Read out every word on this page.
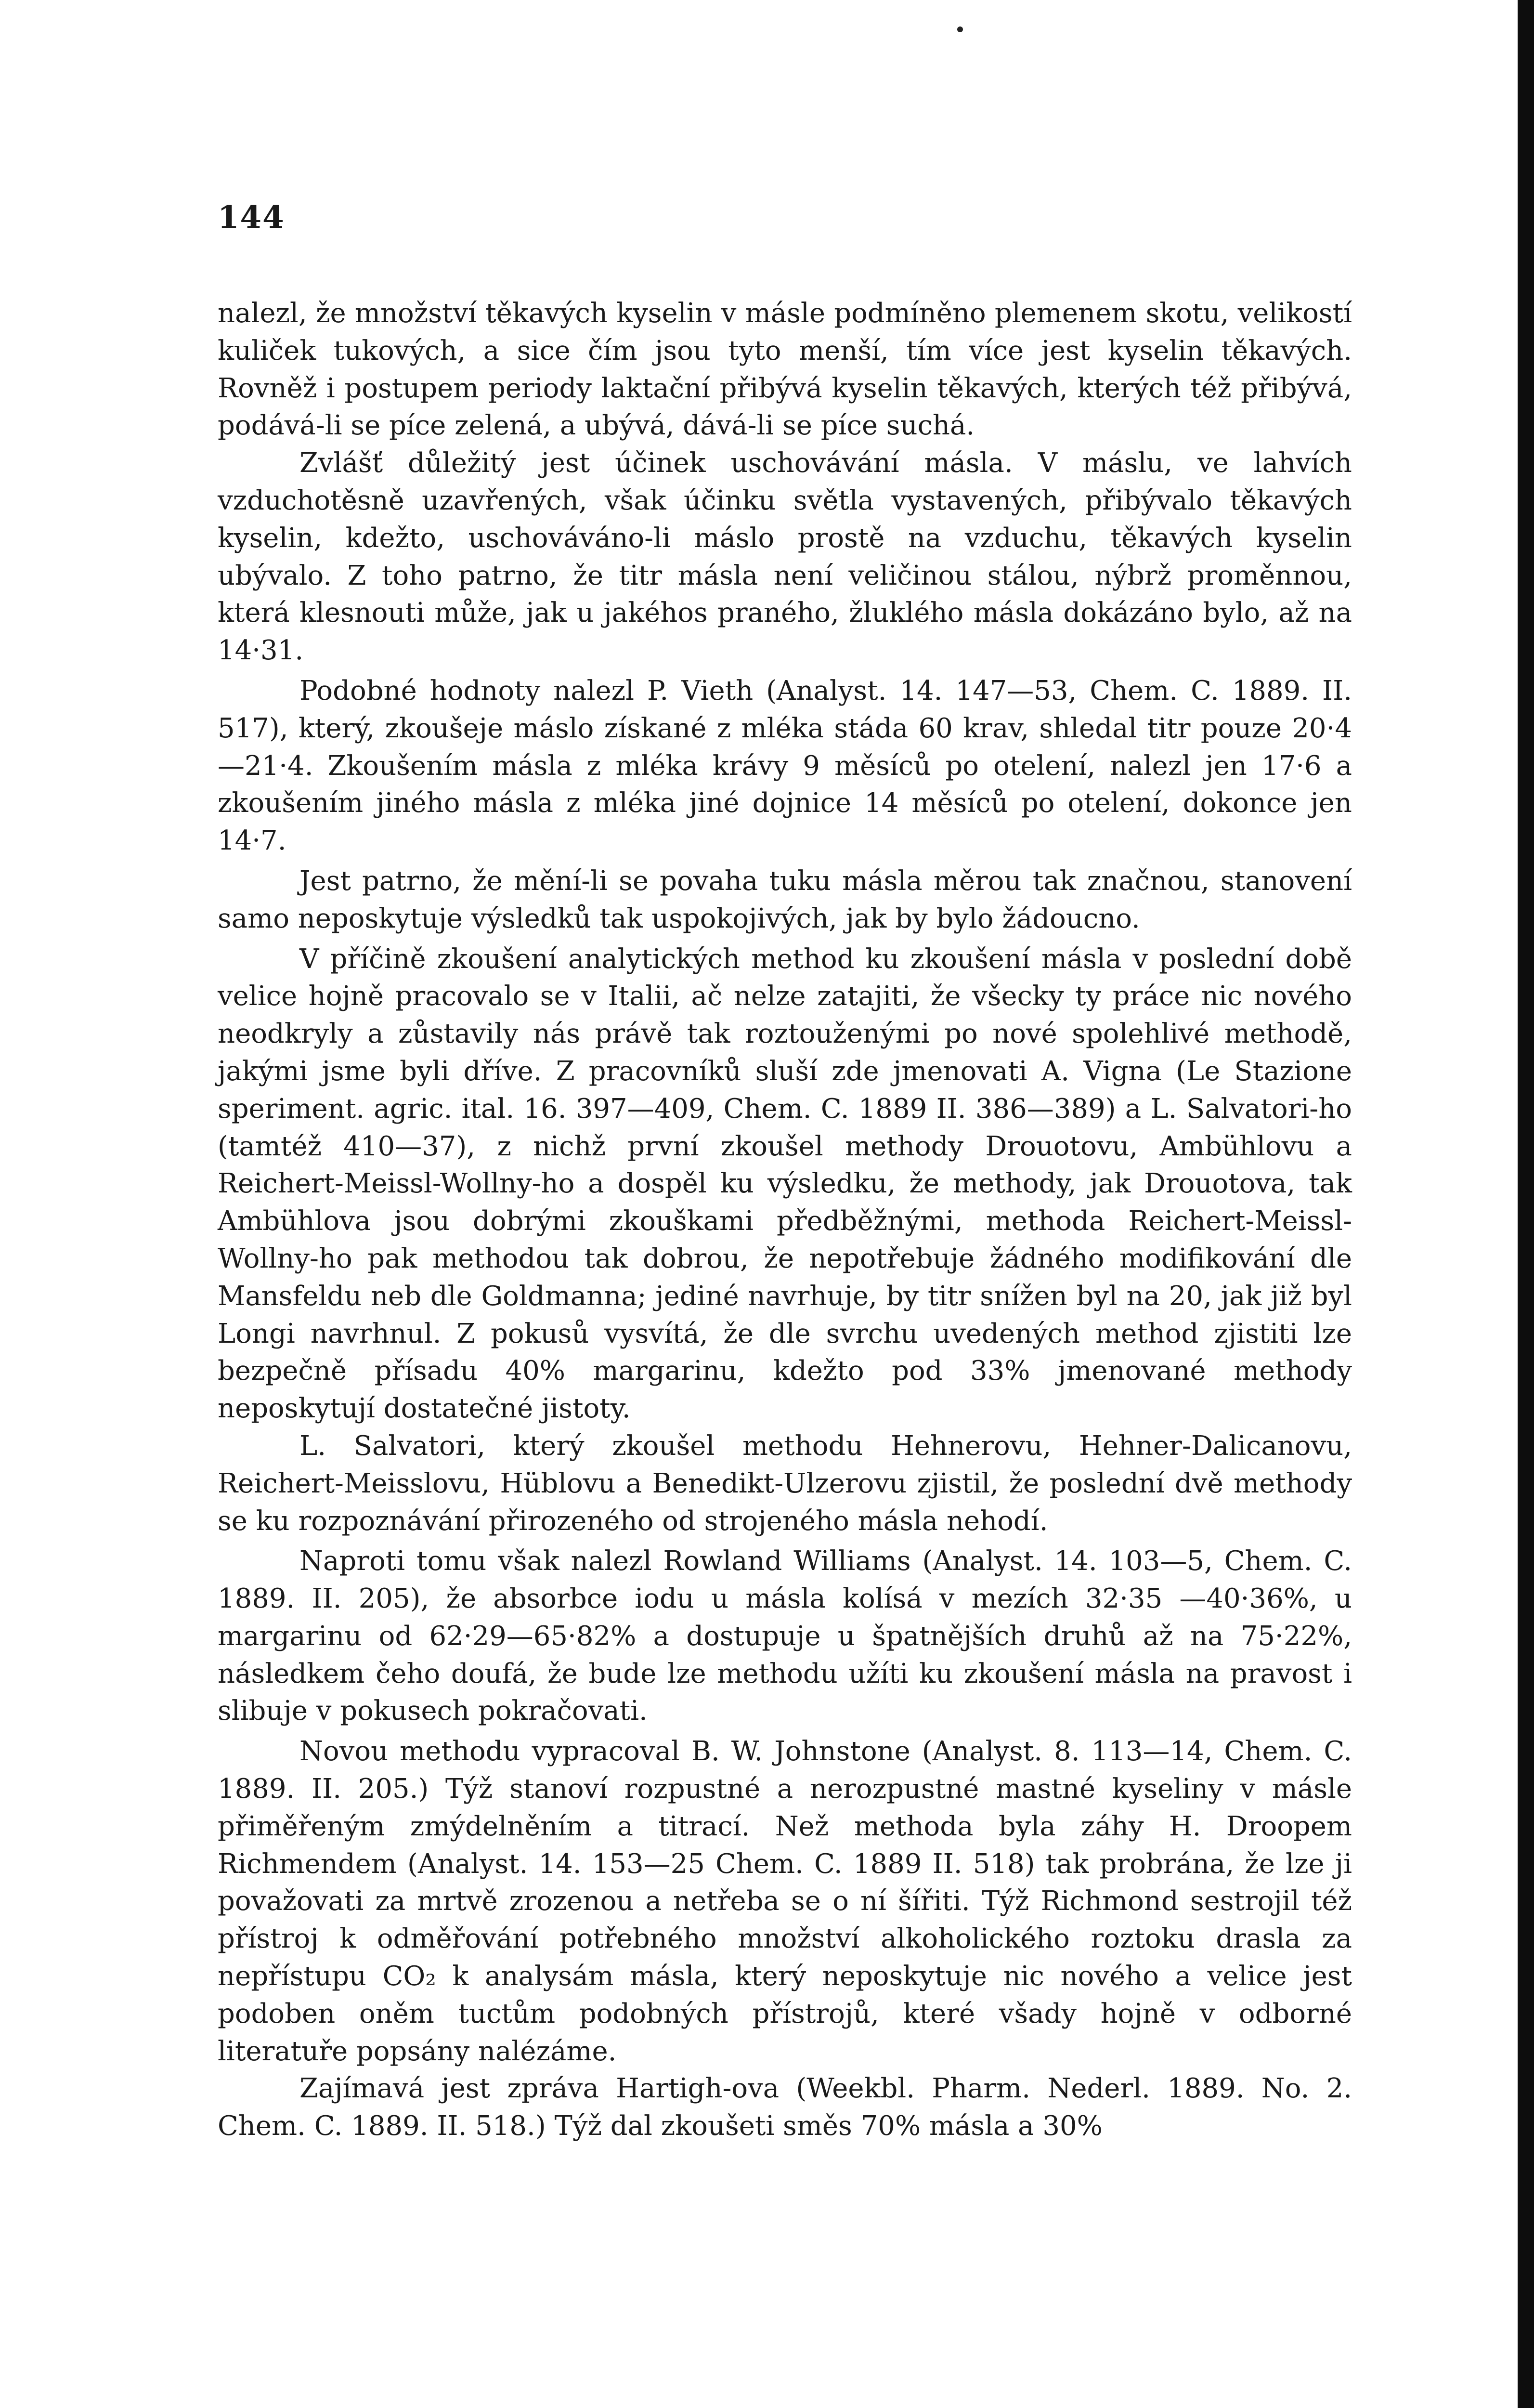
144

nalezl, že množství těkavých kyselin v másle podmíněno plemenem skotu, velikostí kuliček tukových, a sice čím jsou tyto menší, tím více jest kyselin těkavých. Rovněž i postupem periody laktační přibývá kyselin těkavých, kterých též přibývá, podává-li se píce zelená, a ubývá, dává-li se píce suchá.

Zvlášť důležitý jest účinek uschovávání másla. V máslu, ve lahvích vzduchotěsně uzavřených, však účinku světla vystavených, přibývalo těkavých kyselin, kdežto, uschováváno-li máslo prostě na vzduchu, těkavých kyselin ubývalo. Z toho patrno, že titr másla není veličinou stálou, nýbrž proměnnou, která klesnouti může, jak u jakéhos praného, žluklého másla dokázáno bylo, až na 14·31.

Podobné hodnoty nalezl P. Vieth (Analyst. 14. 147—53, Chem. C. 1889. II. 517), který, zkoušeje máslo získané z mléka stáda 60 krav, shledal titr pouze 20·4—21·4. Zkoušením másla z mléka krávy 9 měsíců po otelení, nalezl jen 17·6 a zkoušením jiného másla z mléka jiné dojnice 14 měsíců po otelení, dokonce jen 14·7.

Jest patrno, že mění-li se povaha tuku másla měrou tak značnou, stanovení samo neposkytuje výsledků tak uspokojivých, jak by bylo žádoucno.

V příčině zkoušení analytických method ku zkoušení másla v poslední době velice hojně pracovalo se v Italii, ač nelze zatajiti, že všecky ty práce nic nového neodkryly a zůstavily nás právě tak roztouženými po nové spolehlivé methodě, jakými jsme byli dříve. Z pracovníků sluší zde jmenovati A. Vigna (Le Stazione speriment. agric. ital. 16. 397—409, Chem. C. 1889 II. 386—389) a L. Salvatori-ho (tamtéž 410—37), z nichž první zkoušel methody Drouotovu, Ambühlovu a Reichert-Meissl-Wollny-ho a dospěl ku výsledku, že methody, jak Drouotova, tak Ambühlova jsou dobrými zkouškami předběžnými, methoda Reichert-Meissl-Wollny-ho pak methodou tak dobrou, že nepotřebuje žádného modifikování dle Mansfeldu neb dle Goldmanna; jediné navrhuje, by titr snížen byl na 20, jak již byl Longi navrhnul. Z pokusů vysvítá, že dle svrchu uvedených method zjistiti lze bezpečně přísadu 40% margarinu, kdežto pod 33% jmenované methody neposkytují dostatečné jistoty.

L. Salvatori, který zkoušel methodu Hehnerovu, Hehner-Dalicanovu, Reichert-Meisslovu, Hüblovu a Benedikt-Ulzerovu zjistil, že poslední dvě methody se ku rozpoznávání přirozeného od strojeného másla nehodí.

Naproti tomu však nalezl Rowland Williams (Analyst. 14. 103—5, Chem. C. 1889. II. 205), že absorbce iodu u másla kolísá v mezích 32·35 —40·36%, u margarinu od 62·29—65·82% a dostupuje u špatnějších druhů až na 75·22%, následkem čeho doufá, že bude lze methodu užíti ku zkoušení másla na pravost i slibuje v pokusech pokračovati.

Novou methodu vypracoval B. W. Johnstone (Analyst. 8. 113—14, Chem. C. 1889. II. 205.) Týž stanoví rozpustné a nerozpustné mastné kyseliny v másle přiměřeným zmýdelněním a titrací. Než methoda byla záhy H. Droopem Richmendem (Analyst. 14. 153—25 Chem. C. 1889 II. 518) tak probrána, že lze ji považovati za mrtvě zrozenou a netřeba se o ní šířiti. Týž Richmond sestrojil též přístroj k odměřování potřebného množství alkoholického roztoku drasla za nepřístupu CO₂ k analysám másla, který neposkytuje nic nového a velice jest podoben oněm tuctům podobných přístrojů, které všady hojně v odborné literatuře popsány nalézáme.

Zajímavá jest zpráva Hartigh-ova (Weekbl. Pharm. Nederl. 1889. No. 2. Chem. C. 1889. II. 518.) Týž dal zkoušeti směs 70% másla a 30%
